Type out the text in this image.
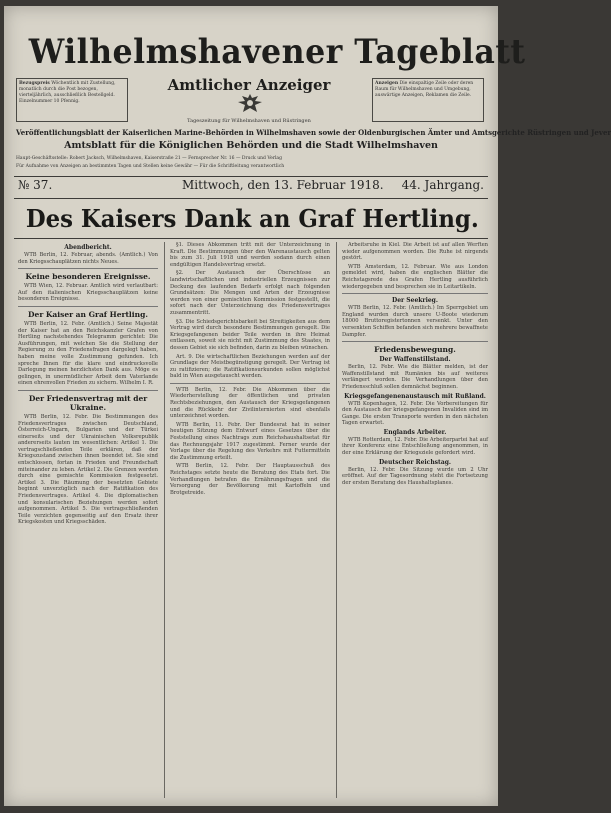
Wilhelmshavener Tageblatt
Bezugspreis Wöchentlich mit Zustellung, monatlich durch die Post bezogen, vierteljährlich, ausschließlich Bestellgeld. Einzelnummer 10 Pfennig.
Amtlicher Anzeiger	Anzeigen Die einspaltige Zeile oder deren Raum für Wilhelmshaven und Umgebung, auswärtige Anzeigen, Reklamen die Zeile.
Tageszeitung für Wilhelmshaven und Rüstringen
Veröffentlichungsblatt der Kaiserlichen Marine-Behörden in Wilhelmshaven sowie der Oldenburgischen Ämter und Amtsgerichte Rüstringen und Jever
Amtsblatt für die Königlichen Behörden und die Stadt Wilhelmshaven
Haupt-Geschäftsstelle: Robert Jacksch, Wilhelmshaven, Kaiserstraße 21 — Fernsprecher Nr. 16 — Druck und Verlag
Für Aufnahme von Anzeigen an bestimmten Tagen und Stellen keine Gewähr — Für die Schriftleitung verantwortlich
№ 37.	Mittwoch, den 13. Februar 1918. 44. Jahrgang.
Des Kaisers Dank an Graf Hertling.
Abendbericht.

WTB Berlin, 12. Februar, abends. (Amtlich.) Von den Kriegsschauplätzen nichts Neues.

Keine besonderen Ereignisse.

WTB Wien, 12. Februar. Amtlich wird verlautbart: Auf den italienischen Kriegsschauplätzen keine besonderen Ereignisse.

Der Kaiser an Graf Hertling.

WTB Berlin, 12. Febr. (Amtlich.) Seine Majestät der Kaiser hat an den Reichskanzler Grafen von Hertling nachstehendes Telegramm gerichtet: Die Ausführungen, mit welchen Sie die Stellung der Regierung zu den Friedensfragen dargelegt haben, haben meine volle Zustimmung gefunden. Ich spreche Ihnen für die klare und eindrucksvolle Darlegung meinen herzlichsten Dank aus. Möge es gelingen, in unermüdlicher Arbeit dem Vaterlande einen ehrenvollen Frieden zu sichern. Wilhelm I. R.

Der Friedensvertrag mit der Ukraine.

WTB Berlin, 12. Febr. Die Bestimmungen des Friedensvertrages zwischen Deutschland, Österreich-Ungarn, Bulgarien und der Türkei einerseits und der Ukrainischen Volksrepublik andererseits lauten im wesentlichen: Artikel 1. Die vertragschließenden Teile erklären, daß der Kriegszustand zwischen ihnen beendet ist. Sie sind entschlossen, fortan in Frieden und Freundschaft miteinander zu leben. Artikel 2. Die Grenzen werden durch eine gemischte Kommission festgesetzt. Artikel 3. Die Räumung der besetzten Gebiete beginnt unverzüglich nach der Ratifikation des Friedensvertrages. Artikel 4. Die diplomatischen und konsularischen Beziehungen werden sofort aufgenommen. Artikel 5. Die vertragschließenden Teile verzichten gegenseitig auf den Ersatz ihrer Kriegskosten und Kriegsschäden.

§1. Dieses Abkommen tritt mit der Unterzeichnung in Kraft. Die Bestimmungen über den Warenaustausch gelten bis zum 31. Juli 1918 und werden sodann durch einen endgültigen Handelsvertrag ersetzt.

§2. Der Austausch der Überschüsse an landwirtschaftlichen und industriellen Erzeugnissen zur Deckung des laufenden Bedarfs erfolgt nach folgenden Grundsätzen: Die Mengen und Arten der Erzeugnisse werden von einer gemischten Kommission festgestellt, die sofort nach der Unterzeichnung des Friedensvertrages zusammentritt.

§3. Die Schiedsgerichtsbarkeit bei Streitigkeiten aus dem Vertrag wird durch besondere Bestimmungen geregelt. Die Kriegsgefangenen beider Teile werden in ihre Heimat entlassen, soweit sie nicht mit Zustimmung des Staates, in dessen Gebiet sie sich befinden, darin zu bleiben wünschen.

Art. 9. Die wirtschaftlichen Beziehungen werden auf der Grundlage der Meistbegünstigung geregelt. Der Vertrag ist zu ratifizieren; die Ratifikationsurkunden sollen möglichst bald in Wien ausgetauscht werden.

WTB Berlin, 12. Febr. Die Abkommen über die Wiederherstellung der öffentlichen und privaten Rechtsbeziehungen, den Austausch der Kriegsgefangenen und die Rückkehr der Zivilinternierten sind ebenfalls unterzeichnet worden.

WTB Berlin, 11. Febr. Der Bundesrat hat in seiner heutigen Sitzung dem Entwurf eines Gesetzes über die Feststellung eines Nachtrags zum Reichshaushaltsetat für das Rechnungsjahr 1917 zugestimmt. Ferner wurde der Vorlage über die Regelung des Verkehrs mit Futtermitteln die Zustimmung erteilt.

WTB Berlin, 12. Febr. Der Hauptausschuß des Reichstages setzte heute die Beratung des Etats fort. Die Verhandlungen betrafen die Ernährungsfragen und die Versorgung der Bevölkerung mit Kartoffeln und Brotgetreide.

Arbeitsruhe in Kiel. Die Arbeit ist auf allen Werften wieder aufgenommen worden. Die Ruhe ist nirgends gestört.

WTB Amsterdam, 12. Februar. Wie aus London gemeldet wird, haben die englischen Blätter die Reichstagsrede des Grafen Hertling ausführlich wiedergegeben und besprechen sie in Leitartikeln.

Der Seekrieg.

WTB Berlin, 12. Febr. (Amtlich.) Im Sperrgebiet um England wurden durch unsere U-Boote wiederum 18000 Bruttoregistertonnen versenkt. Unter den versenkten Schiffen befanden sich mehrere bewaffnete Dampfer.

Friedensbewegung.
Der Waffenstillstand.

Berlin, 12. Febr. Wie die Blätter melden, ist der Waffenstillstand mit Rumänien bis auf weiteres verlängert worden. Die Verhandlungen über den Friedensschluß sollen demnächst beginnen.

Kriegsgefangenenaustausch mit Rußland.

WTB Kopenhagen, 12. Febr. Die Vorbereitungen für den Austausch der kriegsgefangenen Invaliden sind im Gange. Die ersten Transporte werden in den nächsten Tagen erwartet.

Englands Arbeiter.

WTB Rotterdam, 12. Febr. Die Arbeiterpartei hat auf ihrer Konferenz eine Entschließung angenommen, in der eine Erklärung der Kriegsziele gefordert wird.

Deutscher Reichstag.

Berlin, 12. Febr. Die Sitzung wurde um 2 Uhr eröffnet. Auf der Tagesordnung steht die Fortsetzung der ersten Beratung des Haushaltsplanes.
